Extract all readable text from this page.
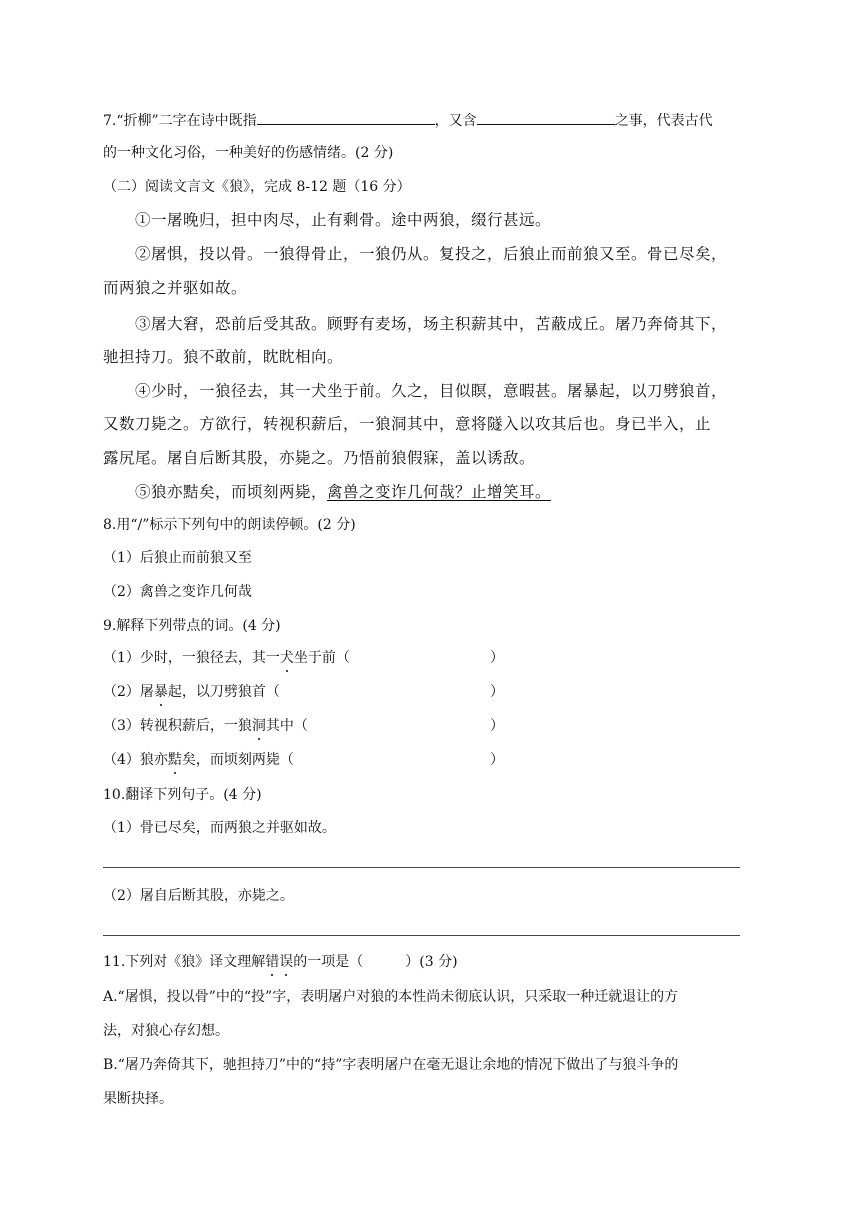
7.“折柳”二字在诗中既指	，又含	之事，代表古代
的一种文化习俗，一种美好的伤感情绪。(2 分)
（二）阅读文言文《狼》，完成 8-12 题（16 分）
①一屠晚归，担中肉尽，止有剩骨。途中两狼，缀行甚远。
②屠惧，投以骨。一狼得骨止，一狼仍从。复投之，后狼止而前狼又至。骨已尽矣，
而两狼之并驱如故。
③屠大窘，恐前后受其敌。顾野有麦场，场主积薪其中，苫蔽成丘。屠乃奔倚其下，
驰担持刀。狼不敢前，眈眈相向。
④少时，一狼径去，其一犬坐于前。久之，目似瞑，意暇甚。屠暴起，以刀劈狼首，
又数刀毙之。方欲行，转视积薪后，一狼洞其中，意将隧入以攻其后也。身已半入，止
露尻尾。屠自后断其股，亦毙之。乃悟前狼假寐，盖以诱敌。
⑤狼亦黠矣，而顷刻两毙，禽兽之变诈几何哉？止增笑耳。
8.用“/”标示下列句中的朗读停顿。(2 分)
（1）后狼止而前狼又至
（2）禽兽之变诈几何哉
9.解释下列带点的词。(4 分)
（1）少时，一狼径去，其一犬坐于前（	）
（2）屠暴起，以刀劈狼首（	）
（3）转视积薪后，一狼洞其中（	）
（4）狼亦黠矣，而顷刻两毙（	）
10.翻译下列句子。(4 分)
（1）骨已尽矣，而两狼之并驱如故。
（2）屠自后断其股，亦毙之。
11.下列对《狼》译文理解错误的一项是（　　　）(3 分)
A.“屠惧，投以骨”中的“投”字，表明屠户对狼的本性尚未彻底认识，只采取一种迁就退让的方
法，对狼心存幻想。
B.“屠乃奔倚其下，驰担持刀”中的“持”字表明屠户在毫无退让余地的情况下做出了与狼斗争的
果断抉择。
